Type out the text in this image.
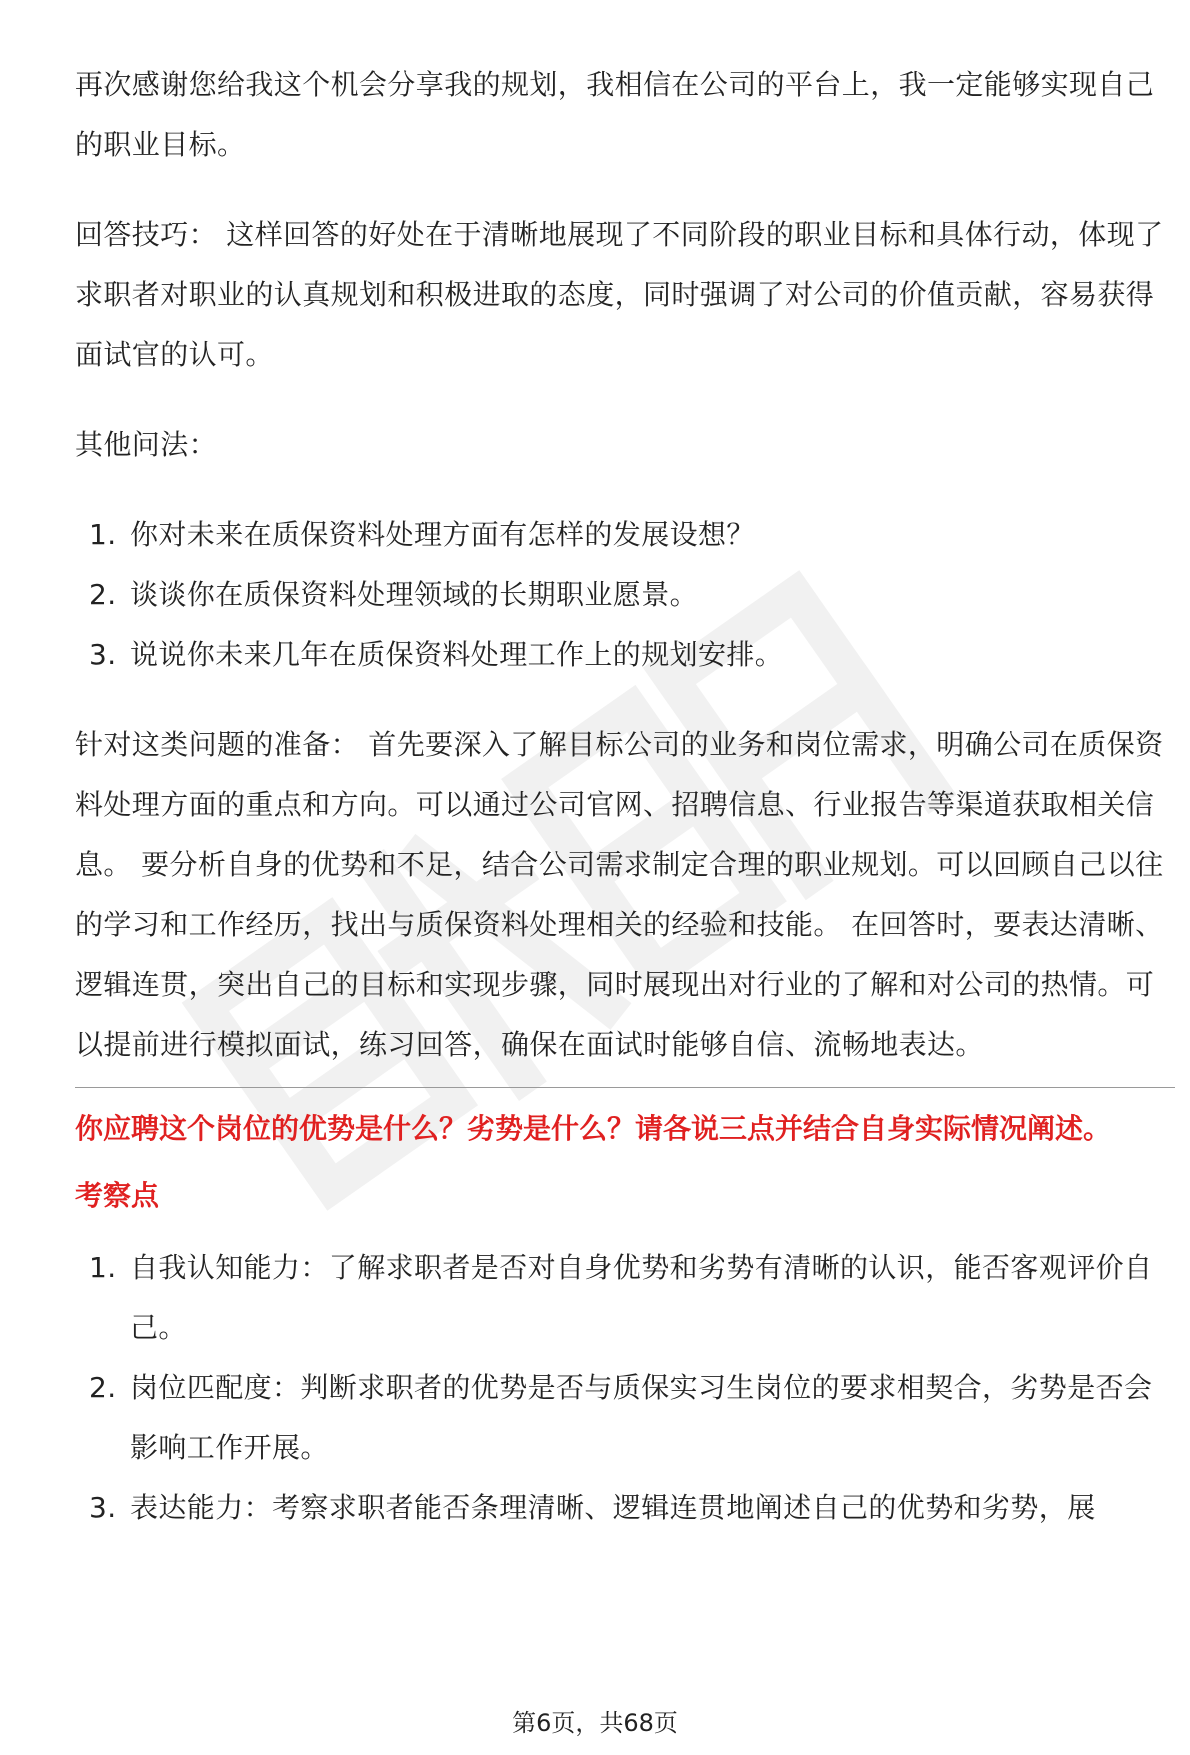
再次感谢您给我这个机会分享我的规划，我相信在公司的平台上，我一定能够实现自己的职业目标。

回答技巧： 这样回答的好处在于清晰地展现了不同阶段的职业目标和具体行动，体现了求职者对职业的认真规划和积极进取的态度，同时强调了对公司的价值贡献，容易获得面试官的认可。

其他问法：

1. 你对未来在质保资料处理方面有怎样的发展设想？
2. 谈谈你在质保资料处理领域的长期职业愿景。
3. 说说你未来几年在质保资料处理工作上的规划安排。

针对这类问题的准备： 首先要深入了解目标公司的业务和岗位需求，明确公司在质保资料处理方面的重点和方向。可以通过公司官网、招聘信息、行业报告等渠道获取相关信息。 要分析自身的优势和不足，结合公司需求制定合理的职业规划。可以回顾自己以往的学习和工作经历，找出与质保资料处理相关的经验和技能。 在回答时，要表达清晰、逻辑连贯，突出自己的目标和实现步骤，同时展现出对行业的了解和对公司的热情。可以提前进行模拟面试，练习回答，确保在面试时能够自信、流畅地表达。

你应聘这个岗位的优势是什么？劣势是什么？请各说三点并结合自身实际情况阐述。
考察点
1. 自我认知能力：了解求职者是否对自身优势和劣势有清晰的认识，能否客观评价自己。
2. 岗位匹配度：判断求职者的优势是否与质保实习生岗位的要求相契合，劣势是否会影响工作开展。
3. 表达能力：考察求职者能否条理清晰、逻辑连贯地阐述自己的优势和劣势，展
第6页，共68页
